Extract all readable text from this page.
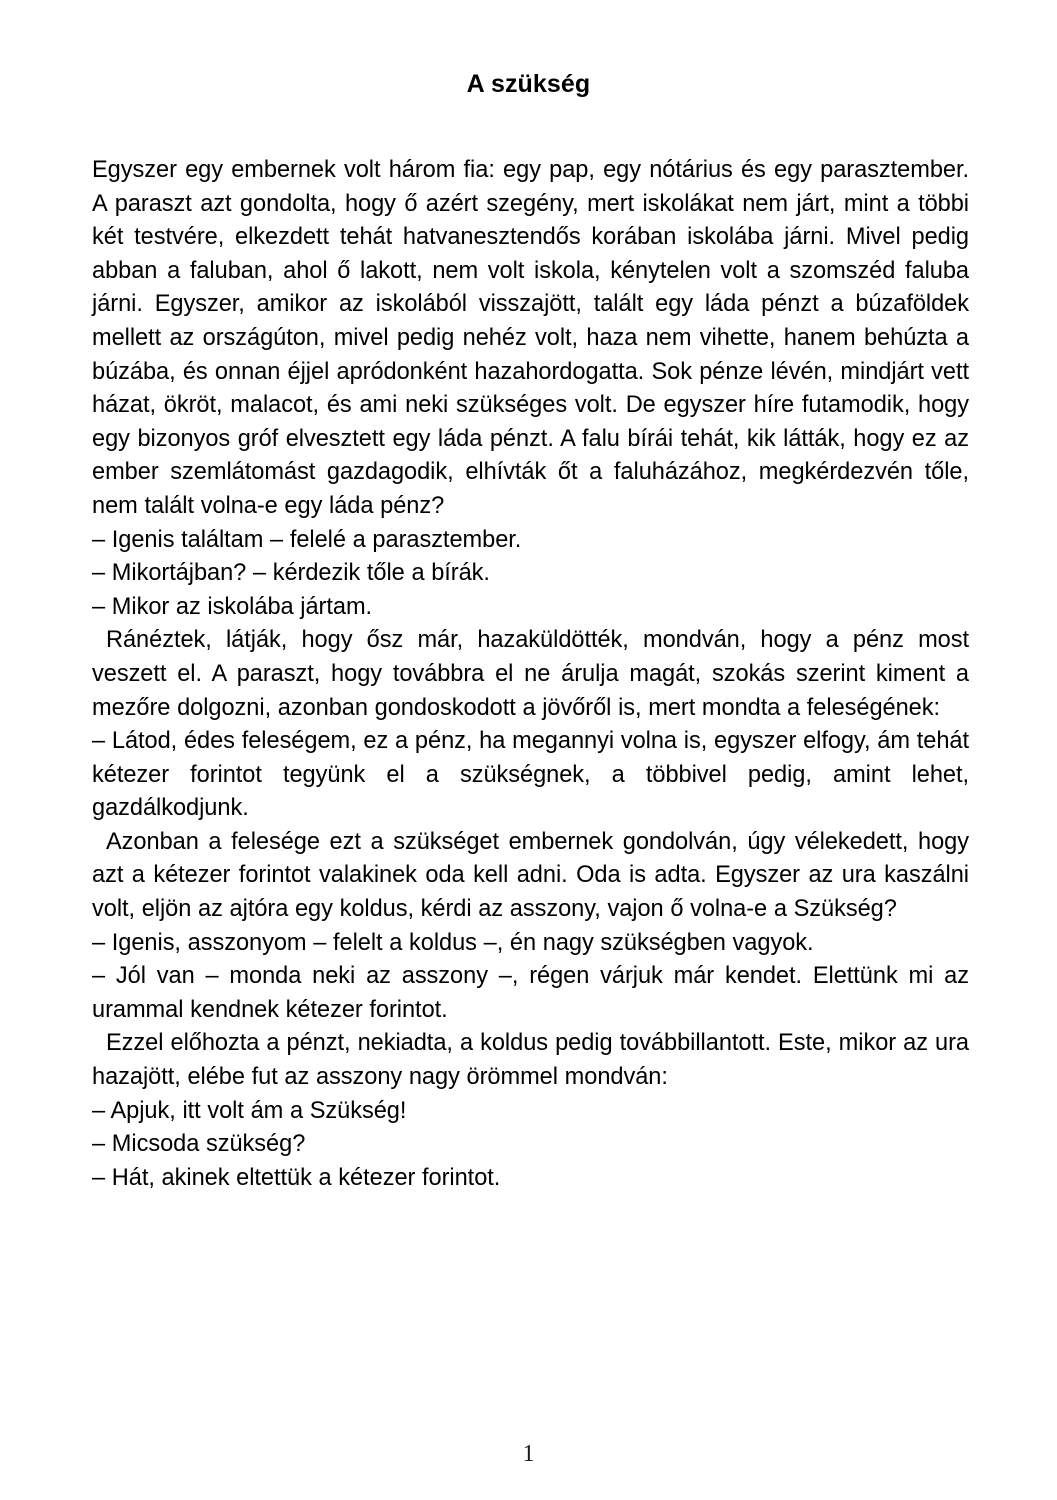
A szükség

Egyszer egy embernek volt három fia: egy pap, egy nótárius és egy parasztember. A paraszt azt gondolta, hogy ő azért szegény, mert iskolákat nem járt, mint a többi két testvére, elkezdett tehát hatvanesztendős korában iskolába járni. Mivel pedig abban a faluban, ahol ő lakott, nem volt iskola, kénytelen volt a szomszéd faluba járni. Egyszer, amikor az iskolából visszajött, talált egy láda pénzt a búzaföldek mellett az országúton, mivel pedig nehéz volt, haza nem vihette, hanem behúzta a búzába, és onnan éjjel apródonként hazahordogatta. Sok pénze lévén, mindjárt vett házat, ökröt, malacot, és ami neki szükséges volt. De egyszer híre futamodik, hogy egy bizonyos gróf elvesztett egy láda pénzt. A falu bírái tehát, kik látták, hogy ez az ember szemlátomást gazdagodik, elhívták őt a faluházához, megkérdezvén tőle, nem talált volna-e egy láda pénz?

– Igenis találtam – felelé a parasztember.

– Mikortájban? – kérdezik tőle a bírák.

– Mikor az iskolába jártam.

Ránéztek, látják, hogy ősz már, hazaküldötték, mondván, hogy a pénz most veszett el. A paraszt, hogy továbbra el ne árulja magát, szokás szerint kiment a mezőre dolgozni, azonban gondoskodott a jövőről is, mert mondta a feleségének:

– Látod, édes feleségem, ez a pénz, ha megannyi volna is, egyszer elfogy, ám tehát kétezer forintot tegyünk el a szükségnek, a többivel pedig, amint lehet, gazdálkodjunk.

Azonban a felesége ezt a szükséget embernek gondolván, úgy vélekedett, hogy azt a kétezer forintot valakinek oda kell adni. Oda is adta. Egyszer az ura kaszálni volt, eljön az ajtóra egy koldus, kérdi az asszony, vajon ő volna-e a Szükség?

– Igenis, asszonyom – felelt a koldus –, én nagy szükségben vagyok.

– Jól van – monda neki az asszony –, régen várjuk már kendet. Elettünk mi az urammal kendnek kétezer forintot.

Ezzel előhozta a pénzt, nekiadta, a koldus pedig továbbillantott. Este, mikor az ura hazajött, elébe fut az asszony nagy örömmel mondván:

– Apjuk, itt volt ám a Szükség!

– Micsoda szükség?

– Hát, akinek eltettük a kétezer forintot.

1
